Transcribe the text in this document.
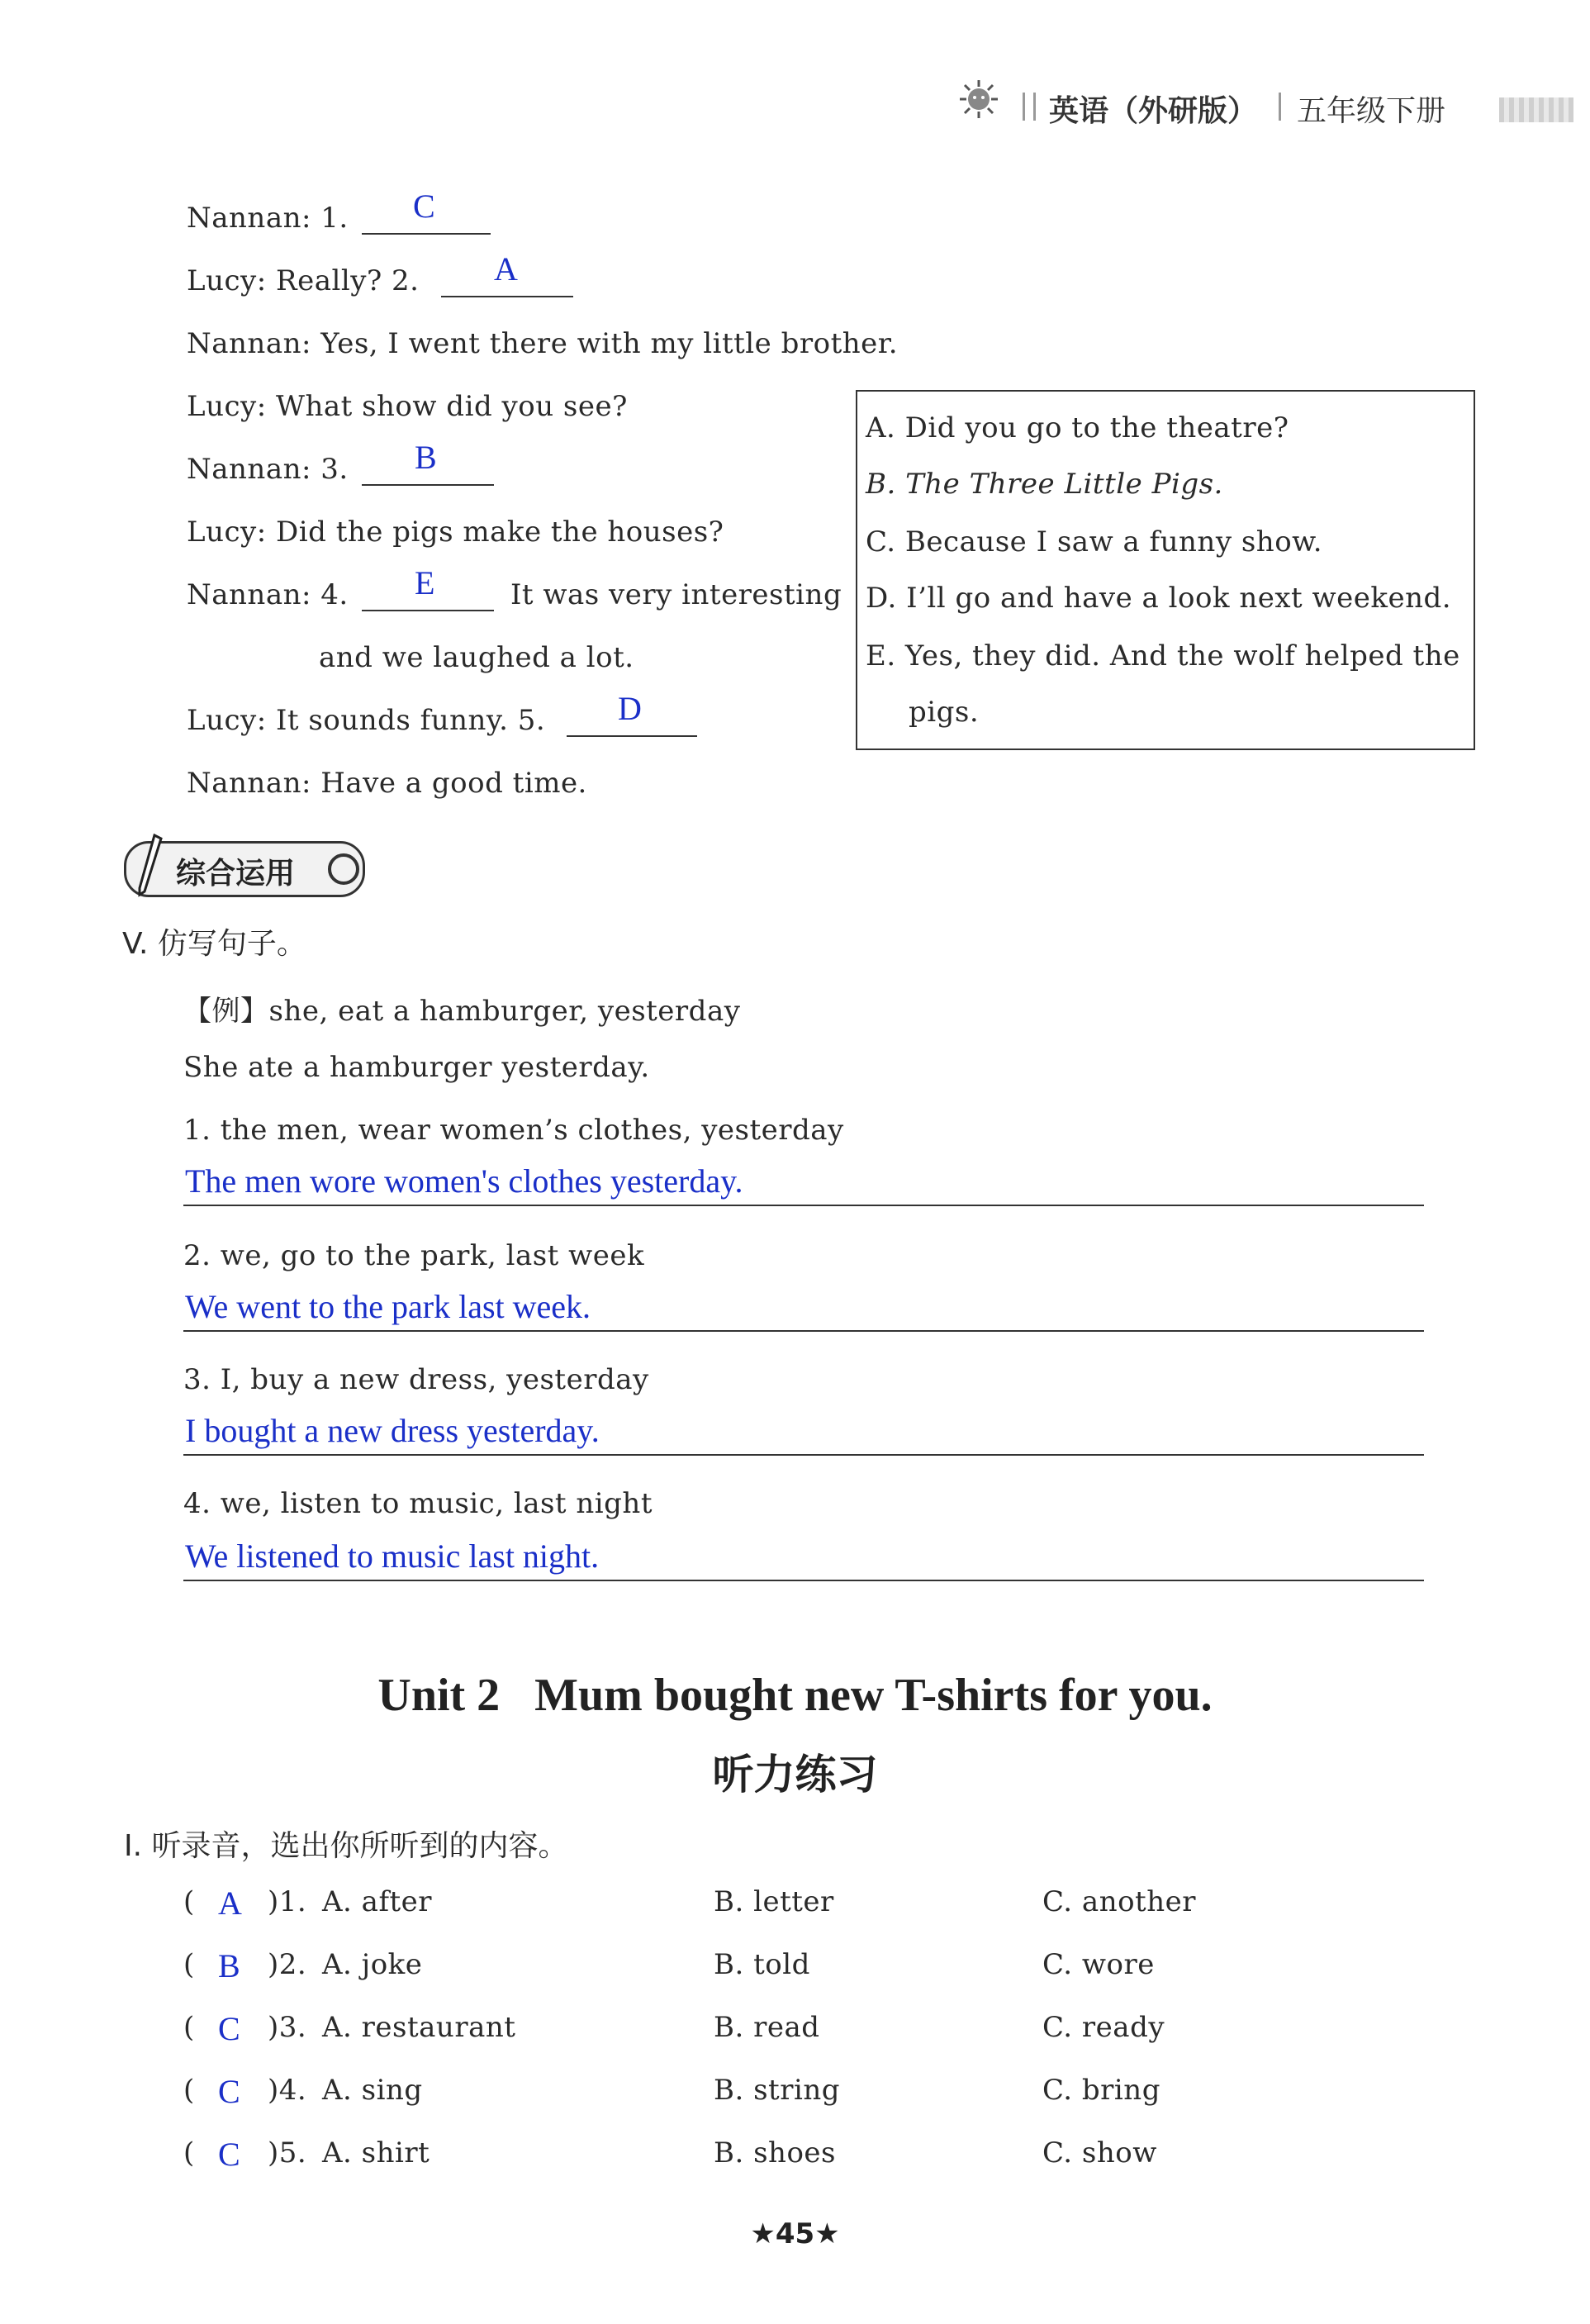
英语（外研版） 五年级下册
Nannan: 1. C
Lucy: Really? 2. A
Nannan: Yes, I went there with my little brother.
Lucy: What show did you see?
Nannan: 3. B
Lucy: Did the pigs make the houses?
Nannan: 4. E	It was very interesting
and we laughed a lot.
Lucy: It sounds funny. 5. D
Nannan: Have a good time.
A. Did you go to the theatre?
B. The Three Little Pigs.
C. Because I saw a funny show.
D. I’ll go and have a look next weekend.
E. Yes, they did. And the wolf helped the
pigs.
综合运用
V. 仿写句子。
【例】she, eat a hamburger, yesterday
She ate a hamburger yesterday.
1. the men, wear women’s clothes, yesterday
The men wore women's clothes yesterday.
2. we, go to the park, last week
We went to the park last week.
3. I, buy a new dress, yesterday
I bought a new dress yesterday.
4. we, listen to music, last night
We listened to music last night.
Unit 2   Mum bought new T-shirts for you.
听力练习
I. 听录音，选出你所听到的内容。
( A )1. A. after	B. letter	C. another
( B )2. A. joke	B. told	C. wore
( C )3. A. restaurant	B. read	C. ready
( C )4. A. sing	B. string	C. bring
( C )5. A. shirt	B. shoes	C. show
★45★
